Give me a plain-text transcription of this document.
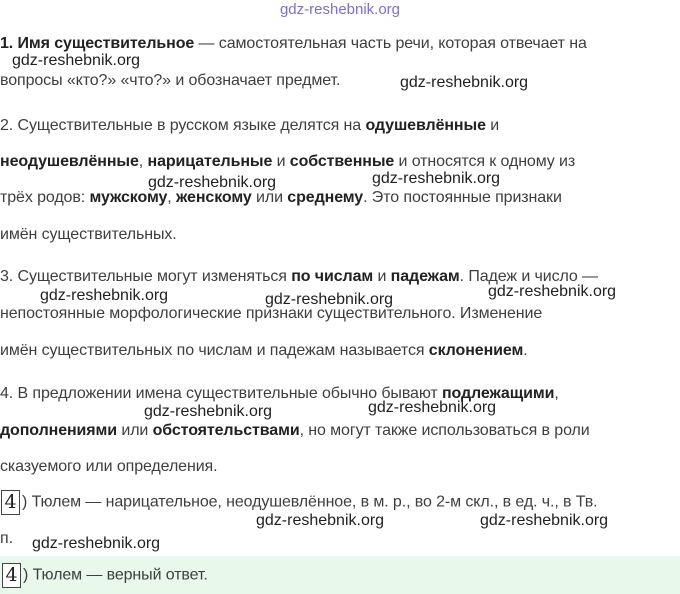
gdz-reshebnik.org
1. Имя существительное — самостоятельная часть речи, которая отвечает на
вопросы «кто?» «что?» и обозначает предмет.
2. Существительные в русском языке делятся на одушевлённые и
неодушевлённые, нарицательные и собственные и относятся к одному из
трёх родов: мужскому, женскому или среднему. Это постоянные признаки
имён существительных.
3. Существительные могут изменяться по числам и падежам. Падеж и число —
непостоянные морфологические признаки существительного. Изменение
имён существительных по числам и падежам называется склонением.
4. В предложении имена существительные обычно бывают подлежащими,
дополнениями или обстоятельствами, но могут также использоваться в роли
сказуемого или определения.
4 ) Тюлем — нарицательное, неодушевлённое, в м. р., во 2-м скл., в ед. ч., в Тв.
п.
4 ) Тюлем — верный ответ.
gdz-reshebnik.org
gdz-reshebnik.org
gdz-reshebnik.org	gdz-reshebnik.org
gdz-reshebnik.org	gdz-reshebnik.org	gdz-reshebnik.org
gdz-reshebnik.org	gdz-reshebnik.org
gdz-reshebnik.org	gdz-reshebnik.org
gdz-reshebnik.org
